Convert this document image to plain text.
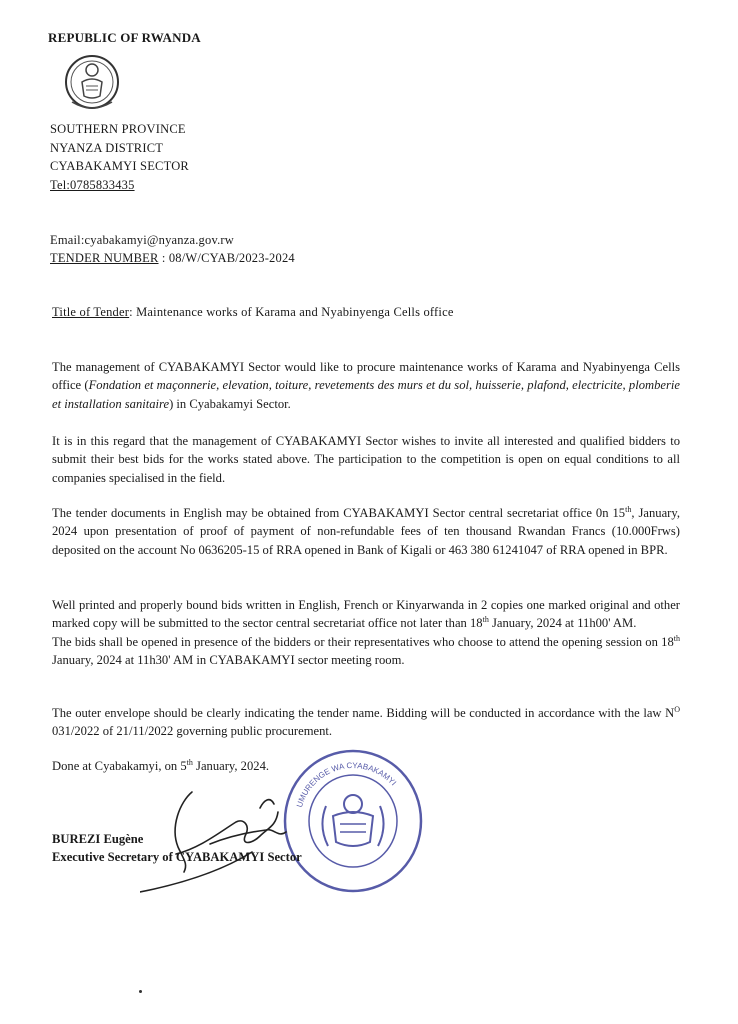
REPUBLIC OF RWANDA
SOUTHERN PROVINCE
NYANZA DISTRICT
CYABAKAMYI SECTOR
Tel:0785833435
Email:cyabakamyi@nyanza.gov.rw
TENDER NUMBER : 08/W/CYAB/2023-2024
Title of Tender: Maintenance works of Karama and Nyabinyenga Cells office

The management of CYABAKAMYI Sector would like to procure maintenance works of Karama and Nyabinyenga Cells office (Fondation et maçonnerie, elevation, toiture, revetements des murs et du sol, huisserie, plafond, electricite, plomberie et installation sanitaire) in Cyabakamyi Sector.

It is in this regard that the management of CYABAKAMYI Sector wishes to invite all interested and qualified bidders to submit their best bids for the works stated above. The participation to the competition is open on equal conditions to all companies specialised in the field.

The tender documents in English may be obtained from CYABAKAMYI Sector central secretariat office 0n 15th, January, 2024 upon presentation of proof of payment of non-refundable fees of ten thousand Rwandan Francs (10.000Frws) deposited on the account No 0636205-15 of RRA opened in Bank of Kigali or 463 380 61241047 of RRA opened in BPR.

Well printed and properly bound bids written in English, French or Kinyarwanda in 2 copies one marked original and other marked copy will be submitted to the sector central secretariat office not later than 18th January, 2024 at 11h00' AM.

The bids shall be opened in presence of the bidders or their representatives who choose to attend the opening session on 18th January, 2024 at 11h30' AM in CYABAKAMYI sector meeting room.

The outer envelope should be clearly indicating the tender name. Bidding will be conducted in accordance with the law $N^O$ 031/2022 of 21/11/2022 governing public procurement.

Done at Cyabakamyi, on 5th January, 2024.
UMURENGE WA CYABAKAMYI
BUREZI Eugène
Executive Secretary of CYABAKAMYI Sector
